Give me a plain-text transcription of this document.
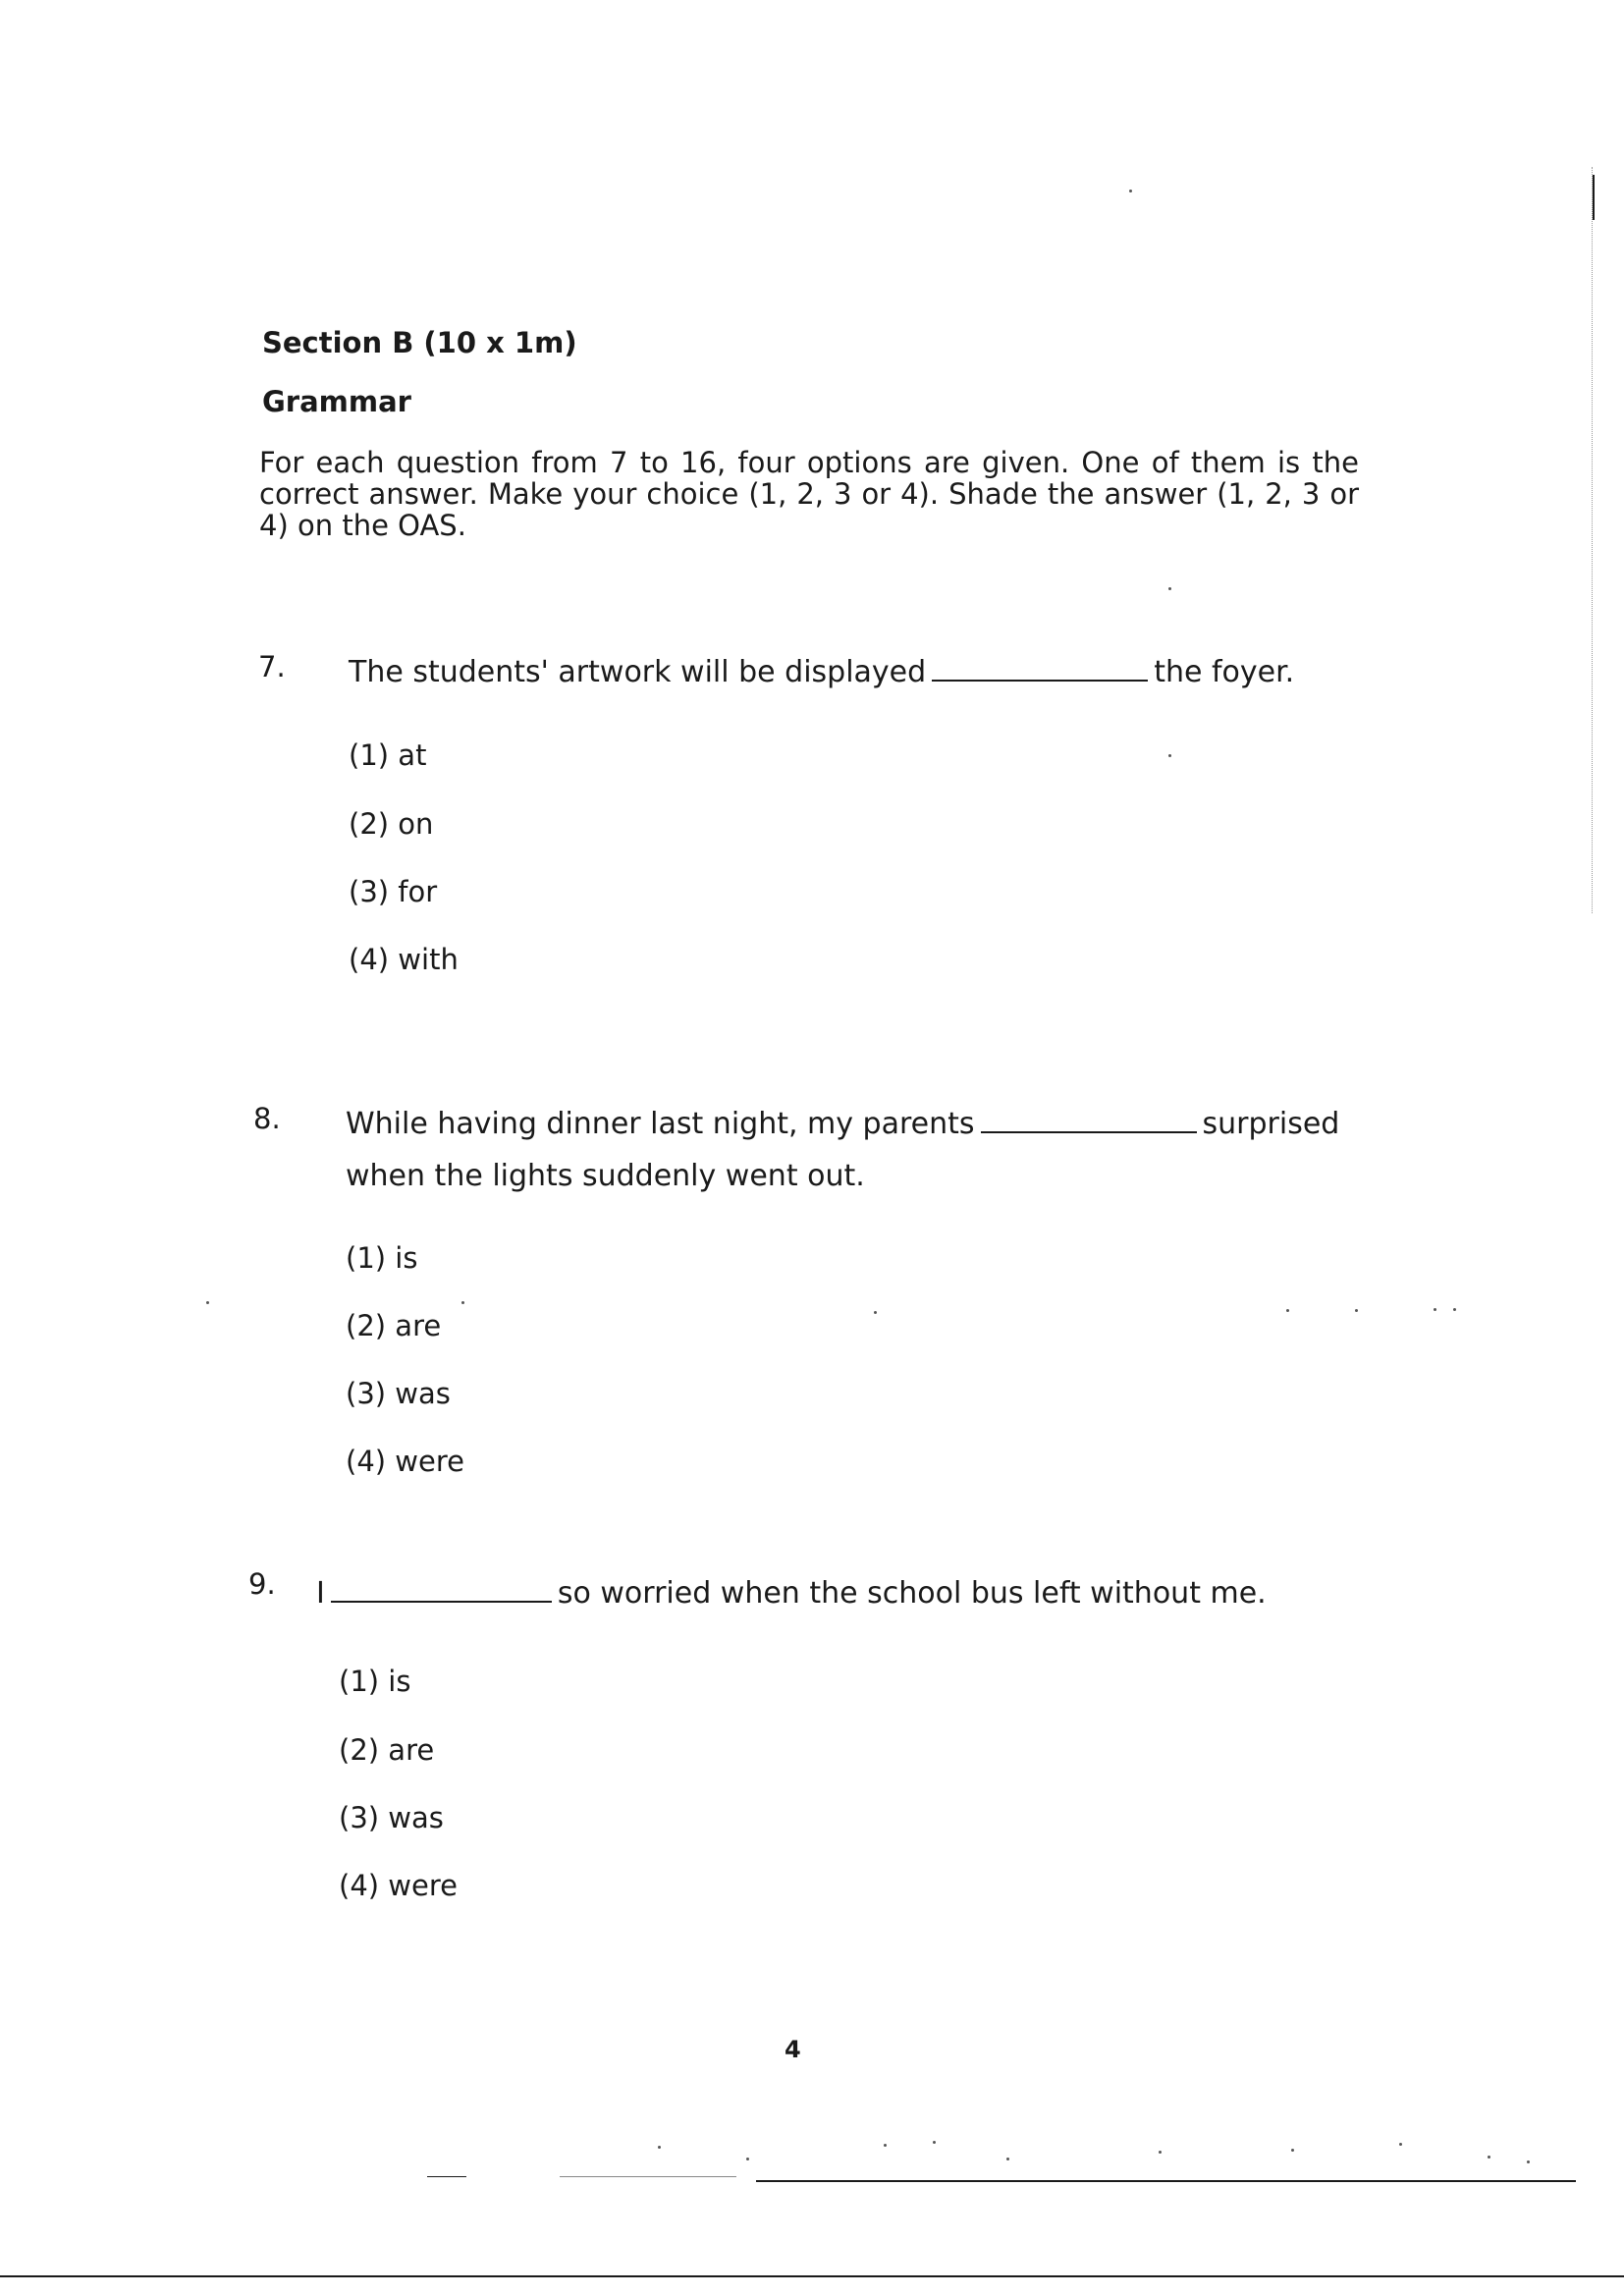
Section B (10 x 1m)
Grammar
For each question from 7 to 16, four options are given. One of them is the correct answer. Make your choice (1, 2, 3 or 4). Shade the answer (1, 2, 3 or 4) on the OAS.
7. The students' artwork will be displayed	the foyer.
(1) at
(2) on
(3) for
(4) with
8. While having dinner last night, my parents	surprised
when the lights suddenly went out.
(1) is
(2) are
(3) was
(4) were
9. I	so worried when the school bus left without me.
(1) is
(2) are
(3) was
(4) were
4
